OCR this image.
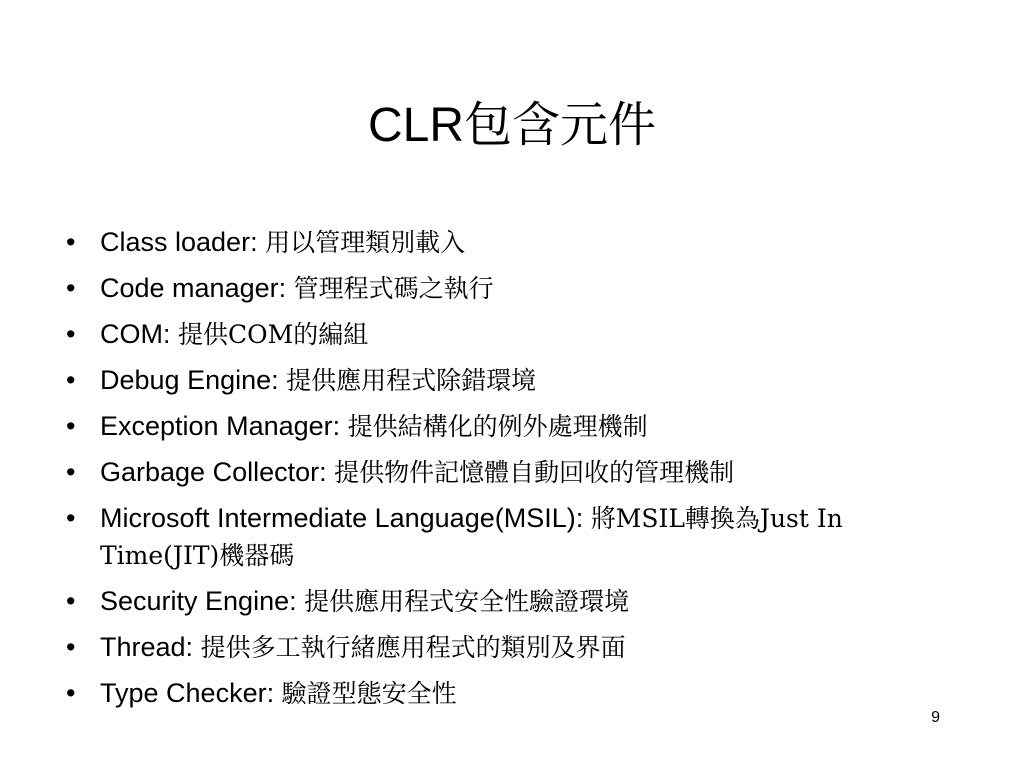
CLR包含元件
• Class loader: 用以管理類別載入
• Code manager: 管理程式碼之執行
• COM: 提供COM的編組
• Debug Engine: 提供應用程式除錯環境
• Exception Manager: 提供結構化的例外處理機制
• Garbage Collector: 提供物件記憶體自動回收的管理機制
• Microsoft Intermediate Language(MSIL): 將MSIL轉換為Just In Time(JIT)機器碼
• Security Engine: 提供應用程式安全性驗證環境
• Thread: 提供多工執行緒應用程式的類別及界面
• Type Checker: 驗證型態安全性
9
